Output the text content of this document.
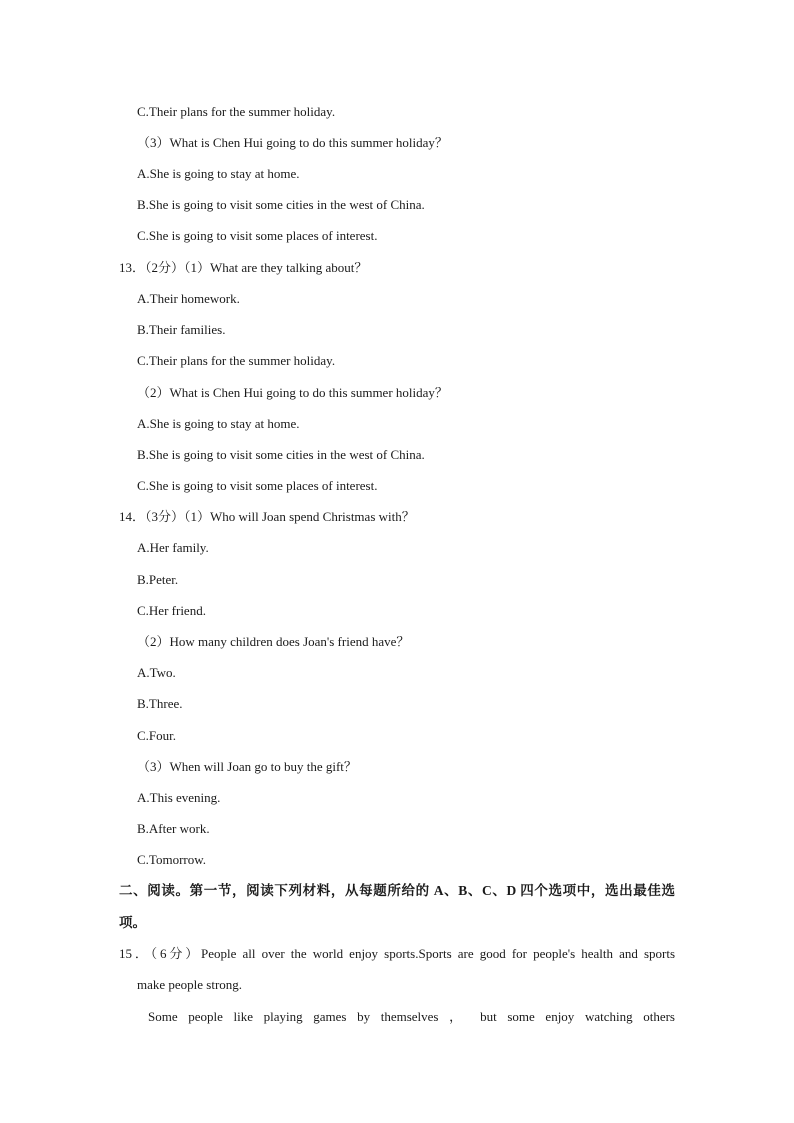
C.Their plans for the summer holiday.
（3）What is Chen Hui going to do this summer holiday？
A.She is going to stay at home.
B.She is going to visit some cities in the west of China.
C.She is going to visit some places of interest.
13．（2分）（1）What are they talking about？
A.Their homework.
B.Their families.
C.Their plans for the summer holiday.
（2）What is Chen Hui going to do this summer holiday？
A.She is going to stay at home.
B.She is going to visit some cities in the west of China.
C.She is going to visit some places of interest.
14．（3分）（1）Who will Joan spend Christmas with？
A.Her family.
B.Peter.
C.Her friend.
（2）How many children does Joan's friend have？
A.Two.
B.Three.
C.Four.
（3）When will Joan go to buy the gift？
A.This evening.
B.After work.
C.Tomorrow.
二、阅读。第一节，阅读下列材料，从每题所给的 A、B、C、D 四个选项中，选出最佳选
项。
15．（6分）People all over the world enjoy sports.Sports are good for people's health and sports
make people strong.
Some people like playing games by themselves ， but some enjoy watching others
